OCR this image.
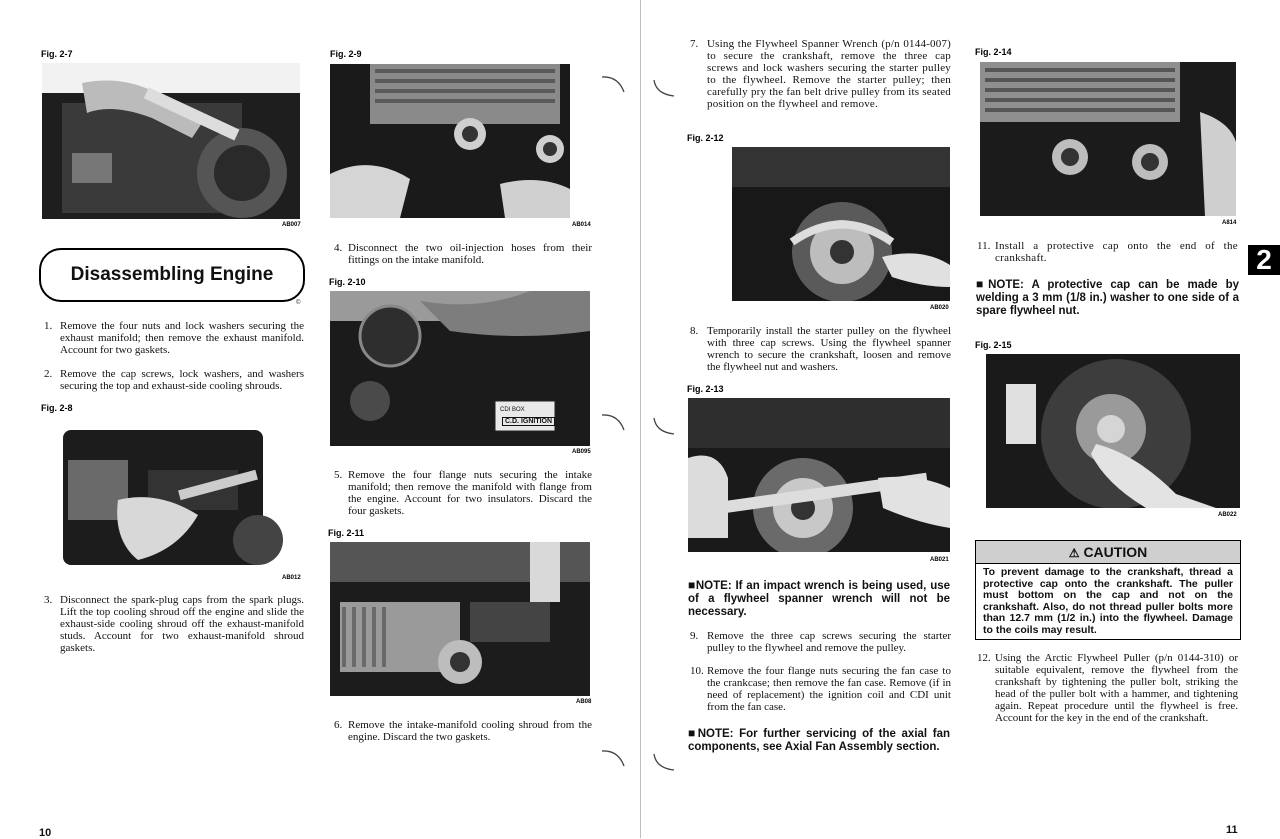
Fig. 2-7
AB007
Disassembling Engine
©
1. Remove the four nuts and lock washers securing the exhaust manifold; then remove the exhaust manifold. Account for two gaskets.
2. Remove the cap screws, lock washers, and washers securing the top and exhaust-side cooling shrouds.
Fig. 2-8
AB012
3. Disconnect the spark-plug caps from the spark plugs. Lift the top cooling shroud off the engine and slide the exhaust-side cooling shroud off the exhaust-manifold studs. Account for two exhaust-manifold shroud gaskets.
Fig. 2-9
AB014
4. Disconnect the two oil-injection hoses from their fittings on the intake manifold.
Fig. 2-10
CDI BOX
C.D. IGNITION
AB095
5. Remove the four flange nuts securing the intake manifold; then remove the manifold with flange from the engine. Account for two insulators. Discard the four gaskets.
Fig. 2-11
AB08
6. Remove the intake-manifold cooling shroud from the engine. Discard the two gaskets.
10
7. Using the Flywheel Spanner Wrench (p/n 0144-007) to secure the crankshaft, remove the three cap screws and lock washers securing the starter pulley to the flywheel. Remove the starter pulley; then carefully pry the fan belt drive pulley from its seated position on the flywheel and remove.
Fig. 2-12
AB020
8. Temporarily install the starter pulley on the flywheel with three cap screws. Using the flywheel spanner wrench to secure the crankshaft, loosen and remove the flywheel nut and washers.
Fig. 2-13
AB021
■NOTE: If an impact wrench is being used, use of a flywheel spanner wrench will not be necessary.
9. Remove the three cap screws securing the starter pulley to the flywheel and remove the pulley.
10. Remove the four flange nuts securing the fan case to the crankcase; then remove the fan case. Remove (if in need of replacement) the ignition coil and CDI unit from the fan case.
■NOTE: For further servicing of the axial fan components, see Axial Fan Assembly section.
Fig. 2-14
A814
11. Install a protective cap onto the end of the crankshaft.	2
■NOTE: A protective cap can be made by welding a 3 mm (1/8 in.) washer to one side of a spare flywheel nut.
Fig. 2-15
AB022
⚠ CAUTION
To prevent damage to the crankshaft, thread a protective cap onto the crankshaft. The puller must bottom on the cap and not on the crankshaft. Also, do not thread puller bolts more than 12.7 mm (1/2 in.) into the flywheel. Damage to the coils may result.
12. Using the Arctic Flywheel Puller (p/n 0144-310) or suitable equivalent, remove the flywheel from the crankshaft by tightening the puller bolt, striking the head of the puller bolt with a hammer, and tightening again. Repeat procedure until the flywheel is free. Account for the key in the end of the crankshaft.
11
